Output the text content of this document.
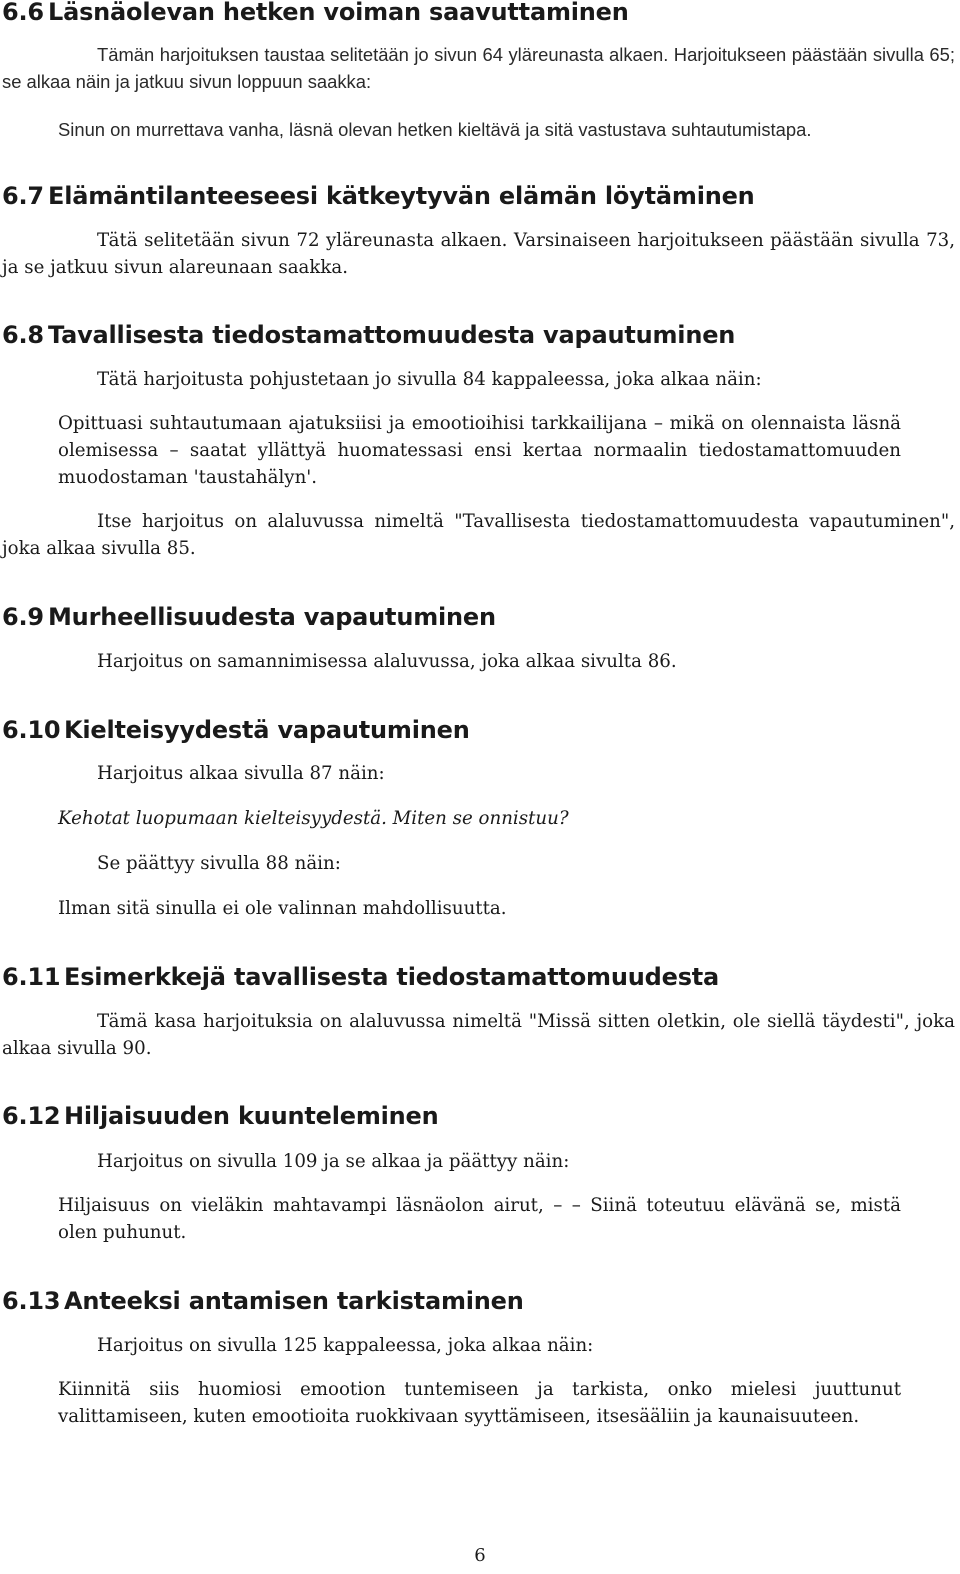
6.6 Läsnäolevan hetken voiman saavuttaminen

Tämän harjoituksen taustaa selitetään jo sivun 64 yläreunasta alkaen. Harjoitukseen päästään sivulla 65; se alkaa näin ja jatkuu sivun loppuun saakka:

Sinun on murrettava vanha, läsnä olevan hetken kieltävä ja sitä vastustava suhtautumistapa.

6.7 Elämäntilanteeseesi kätkeytyvän elämän löytäminen

Tätä selitetään sivun 72 yläreunasta alkaen. Varsinaiseen harjoitukseen päästään sivulla 73, ja se jatkuu sivun alareunaan saakka.

6.8 Tavallisesta tiedostamattomuudesta vapautuminen

Tätä harjoitusta pohjustetaan jo sivulla 84 kappaleessa, joka alkaa näin:

Opittuasi suhtautumaan ajatuksiisi ja emootioihisi tarkkailijana – mikä on olennaista läsnä olemisessa – saatat yllättyä huomatessasi ensi kertaa normaalin tiedostamattomuuden muodostaman 'taustahälyn'.

Itse harjoitus on alaluvussa nimeltä "Tavallisesta tiedostamattomuudesta vapautuminen", joka alkaa sivulla 85.

6.9 Murheellisuudesta vapautuminen

Harjoitus on samannimisessa alaluvussa, joka alkaa sivulta 86.

6.10 Kielteisyydestä vapautuminen

Harjoitus alkaa sivulla 87 näin:

Kehotat luopumaan kielteisyydestä. Miten se onnistuu?

Se päättyy sivulla 88 näin:

Ilman sitä sinulla ei ole valinnan mahdollisuutta.

6.11 Esimerkkejä tavallisesta tiedostamattomuudesta

Tämä kasa harjoituksia on alaluvussa nimeltä "Missä sitten oletkin, ole siellä täydesti", joka alkaa sivulla 90.

6.12 Hiljaisuuden kuunteleminen

Harjoitus on sivulla 109 ja se alkaa ja päättyy näin:

Hiljaisuus on vieläkin mahtavampi läsnäolon airut, – – Siinä toteutuu elävänä se, mistä olen puhunut.

6.13 Anteeksi antamisen tarkistaminen

Harjoitus on sivulla 125 kappaleessa, joka alkaa näin:

Kiinnitä siis huomiosi emootion tuntemiseen ja tarkista, onko mielesi juuttunut valittamiseen, kuten emootioita ruokkivaan syyttämiseen, itsesääliin ja kaunaisuuteen.

6
